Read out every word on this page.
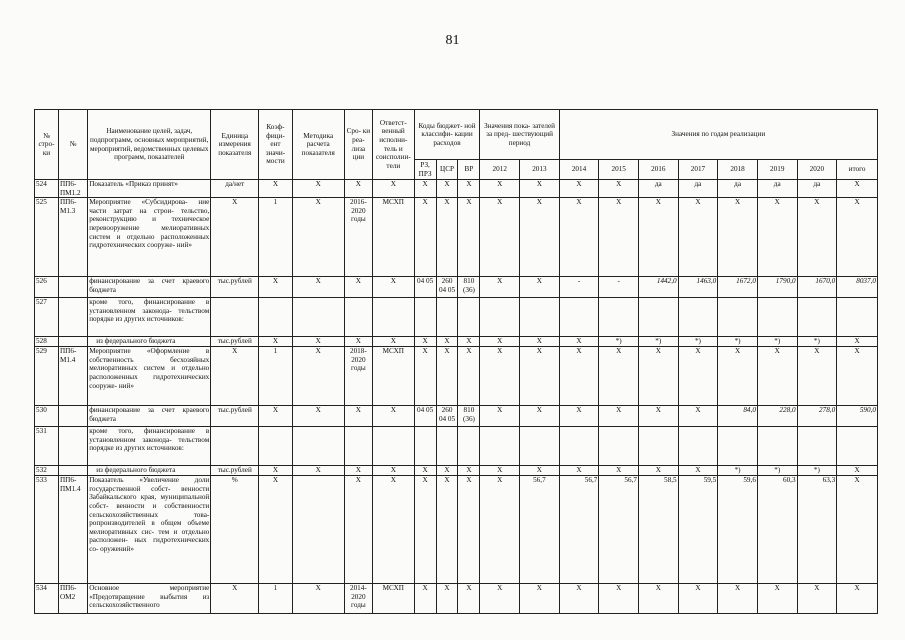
81
№ стро- ки	№	Наименование целей, задач, подпрограмм, основных мероприятий, мероприятий, ведомственных целевых программ, показателей	Единица измерения показателя	Коэф- фици- ент значи- мости	Методика расчета показателя	Сро- ки реа- лиза ции	Ответст- венный исполни- тель и соисполни- тели	Коды бюджет- ной классифи- кации расходов			Значения пока- зателей за пред- шествующий период		Значения по годам реализации							
								РЗ, ПРЗ	ЦСР	ВР	2012	2013	2014	2015	2016	2017	2018	2019	2020	итого
524	ПП6- ПМ1.2	Показатель «Приказ принят»	да/нет	X	X	X	X	X	X	X	X	X	X	X	да	да	да	да	да	X
525	ПП6- М1.3	Мероприятие «Субсидирова- ние части затрат на строи- тельство, реконструкцию и техническое перевооружение мелиоративных систем и отдельно расположенных гидротехнических сооруже- ний»	X	1	X	2016- 2020 годы	МСХП	X	X	X	X	X	X	X	X	X	X	X	X	X
526		финансирование за счет краевого бюджета	тыс.рублей	X	X	X	X	04 05	260 04 05	810 (36)	X	X	-	-	1442,0	1463,0	1672,0	1790,0	1670,0	8037,0
527		кроме того, финансирование в установленном законода- тельством порядке из других источников:																		
528		из федерального бюджета	тыс.рублей	X	X	X	X	X	X	X	X	X	X	*)	*)	*)	*)	*)	*)	X
529	ПП6- М1.4	Мероприятие «Оформление в собственность бесхозяйных мелиоративных систем и отдельно расположенных гидротехнических сооруже- ний»	X	1	X	2018- 2020 годы	МСХП	X	X	X	X	X	X	X	X	X	X	X	X	X
530		финансирование за счет краевого бюджета	тыс.рублей	X	X	X	X	04 05	260 04 05	810 (36)	X	X	X	X	X	X	84,0	228,0	278,0	590,0
531		кроме того, финансирование в установленном законода- тельством порядке из других источников:																		
532		из федерального бюджета	тыс.рублей	X	X	X	X	X	X	X	X	X	X	X	X	X	*)	*)	*)	X
533	ПП6- ПМ1.4	Показатель «Увеличение доли государственной собст- венности Забайкальского края, муниципальной собст- венности и собственности сельскохозяйственных това- ропроизводителей в общем объеме мелиоративных сис- тем и отдельно расположен- ных гидротехнических со- оружений»	%	X		X	X	X	X	X	X	56,7	56,7	56,7	58,5	59,5	59,6	60,3	63,3	X
534	ПП6- ОМ2	Основное мероприятие «Предотвращение выбытия из сельскохозяйственного	X	1	X	2014- 2020 годы	МСХП	X	X	X	X	X	X	X	X	X	X	X	X	X
